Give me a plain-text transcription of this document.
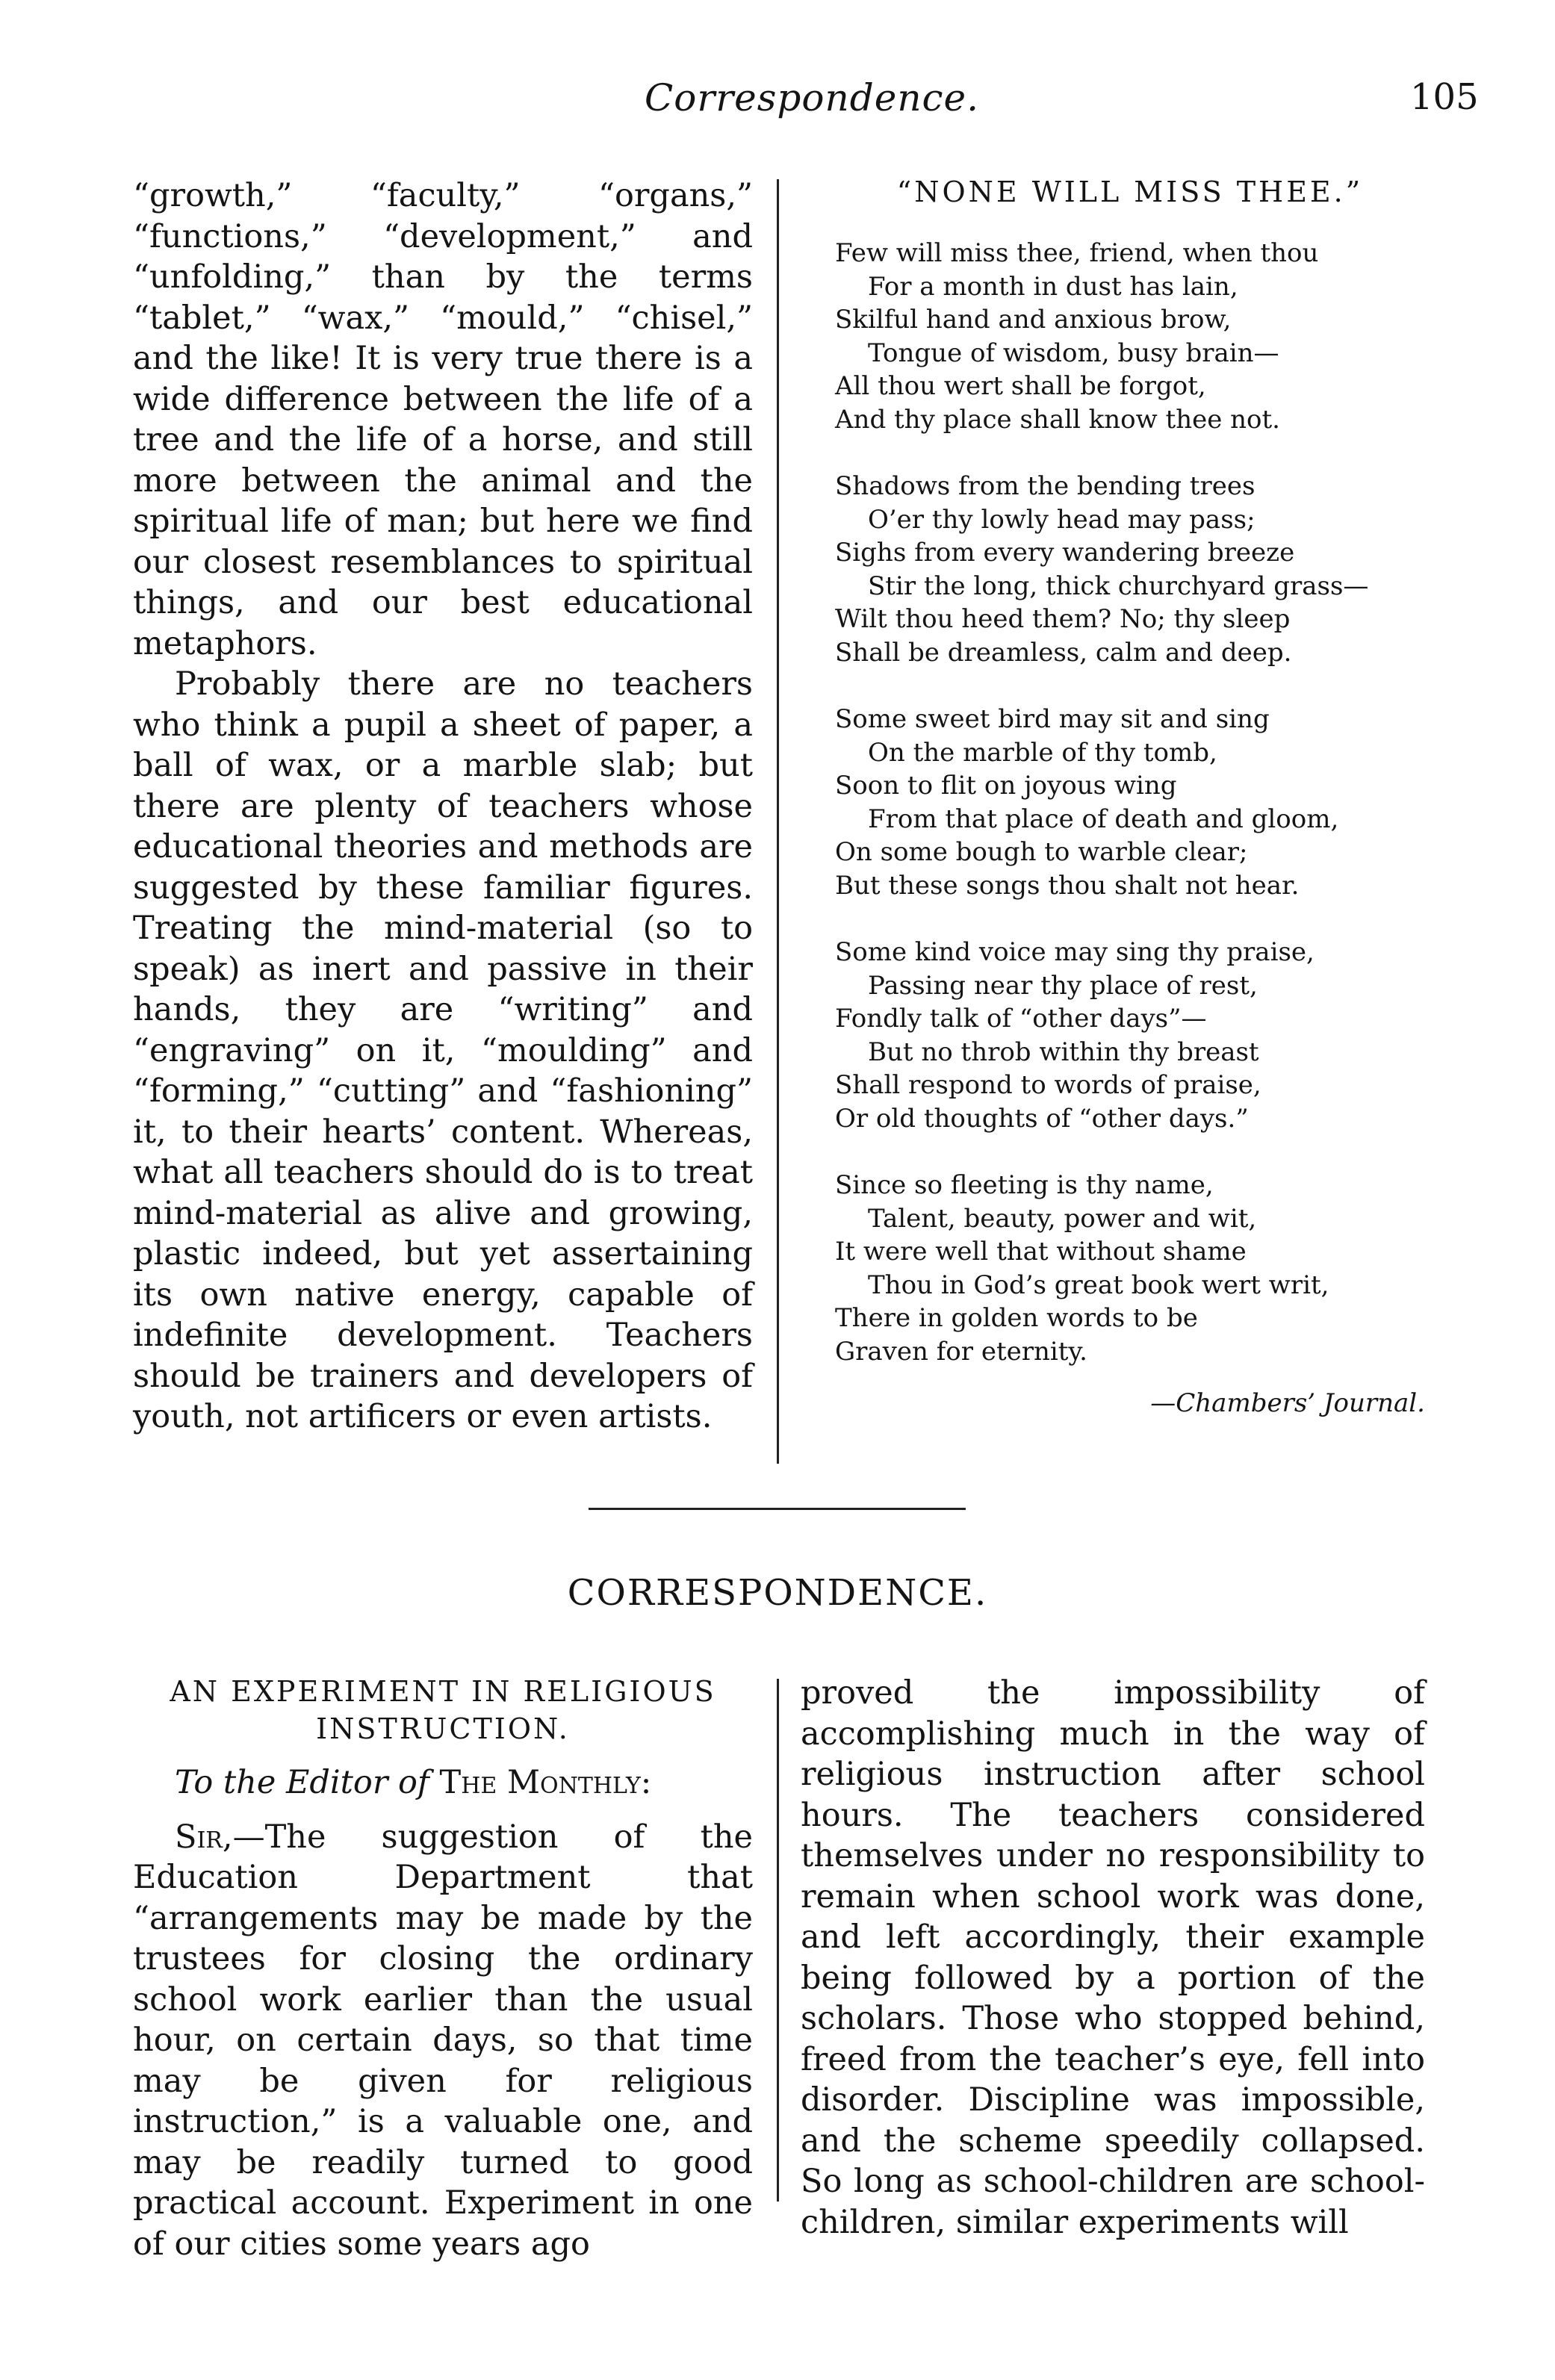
Correspondence.	105

“growth,” “faculty,” “organs,” “functions,” “development,” and “unfolding,” than by the terms “tablet,” “wax,” “mould,” “chisel,” and the like! It is very true there is a wide difference between the life of a tree and the life of a horse, and still more between the animal and the spiritual life of man; but here we find our closest resemblances to spiritual things, and our best educational metaphors.

Probably there are no teachers who think a pupil a sheet of paper, a ball of wax, or a marble slab; but there are plenty of teachers whose educational theories and methods are suggested by these familiar figures. Treating the mind-material (so to speak) as inert and passive in their hands, they are “writing” and “engraving” on it, “moulding” and “forming,” “cutting” and “fashioning” it, to their hearts’ content. Whereas, what all teachers should do is to treat mind-material as alive and growing, plastic indeed, but yet assertaining its own native energy, capable of indefinite development. Teachers should be trainers and developers of youth, not artificers or even artists.

“NONE WILL MISS THEE.”
Few will miss thee, friend, when thou
For a month in dust has lain,
Skilful hand and anxious brow,
Tongue of wisdom, busy brain—
All thou wert shall be forgot,
And thy place shall know thee not.
Shadows from the bending trees
O’er thy lowly head may pass;
Sighs from every wandering breeze
Stir the long, thick churchyard grass—
Wilt thou heed them? No; thy sleep
Shall be dreamless, calm and deep.
Some sweet bird may sit and sing
On the marble of thy tomb,
Soon to flit on joyous wing
From that place of death and gloom,
On some bough to warble clear;
But these songs thou shalt not hear.
Some kind voice may sing thy praise,
Passing near thy place of rest,
Fondly talk of “other days”—
But no throb within thy breast
Shall respond to words of praise,
Or old thoughts of “other days.”
Since so fleeting is thy name,
Talent, beauty, power and wit,
It were well that without shame
Thou in God’s great book wert writ,
There in golden words to be
Graven for eternity.
—Chambers’ Journal.
CORRESPONDENCE.
AN EXPERIMENT IN RELIGIOUS
INSTRUCTION.
To the Editor of The Monthly:

Sir,—The suggestion of the Education Department that “arrangements may be made by the trustees for closing the ordinary school work earlier than the usual hour, on certain days, so that time may be given for religious instruction,” is a valuable one, and may be readily turned to good practical account. Experiment in one of our cities some years ago

proved the impossibility of accomplishing much in the way of religious instruction after school hours. The teachers considered themselves under no responsibility to remain when school work was done, and left accordingly, their example being followed by a portion of the scholars. Those who stopped behind, freed from the teacher’s eye, fell into disorder. Discipline was impossible, and the scheme speedily collapsed. So long as school-children are school-children, similar experiments will
